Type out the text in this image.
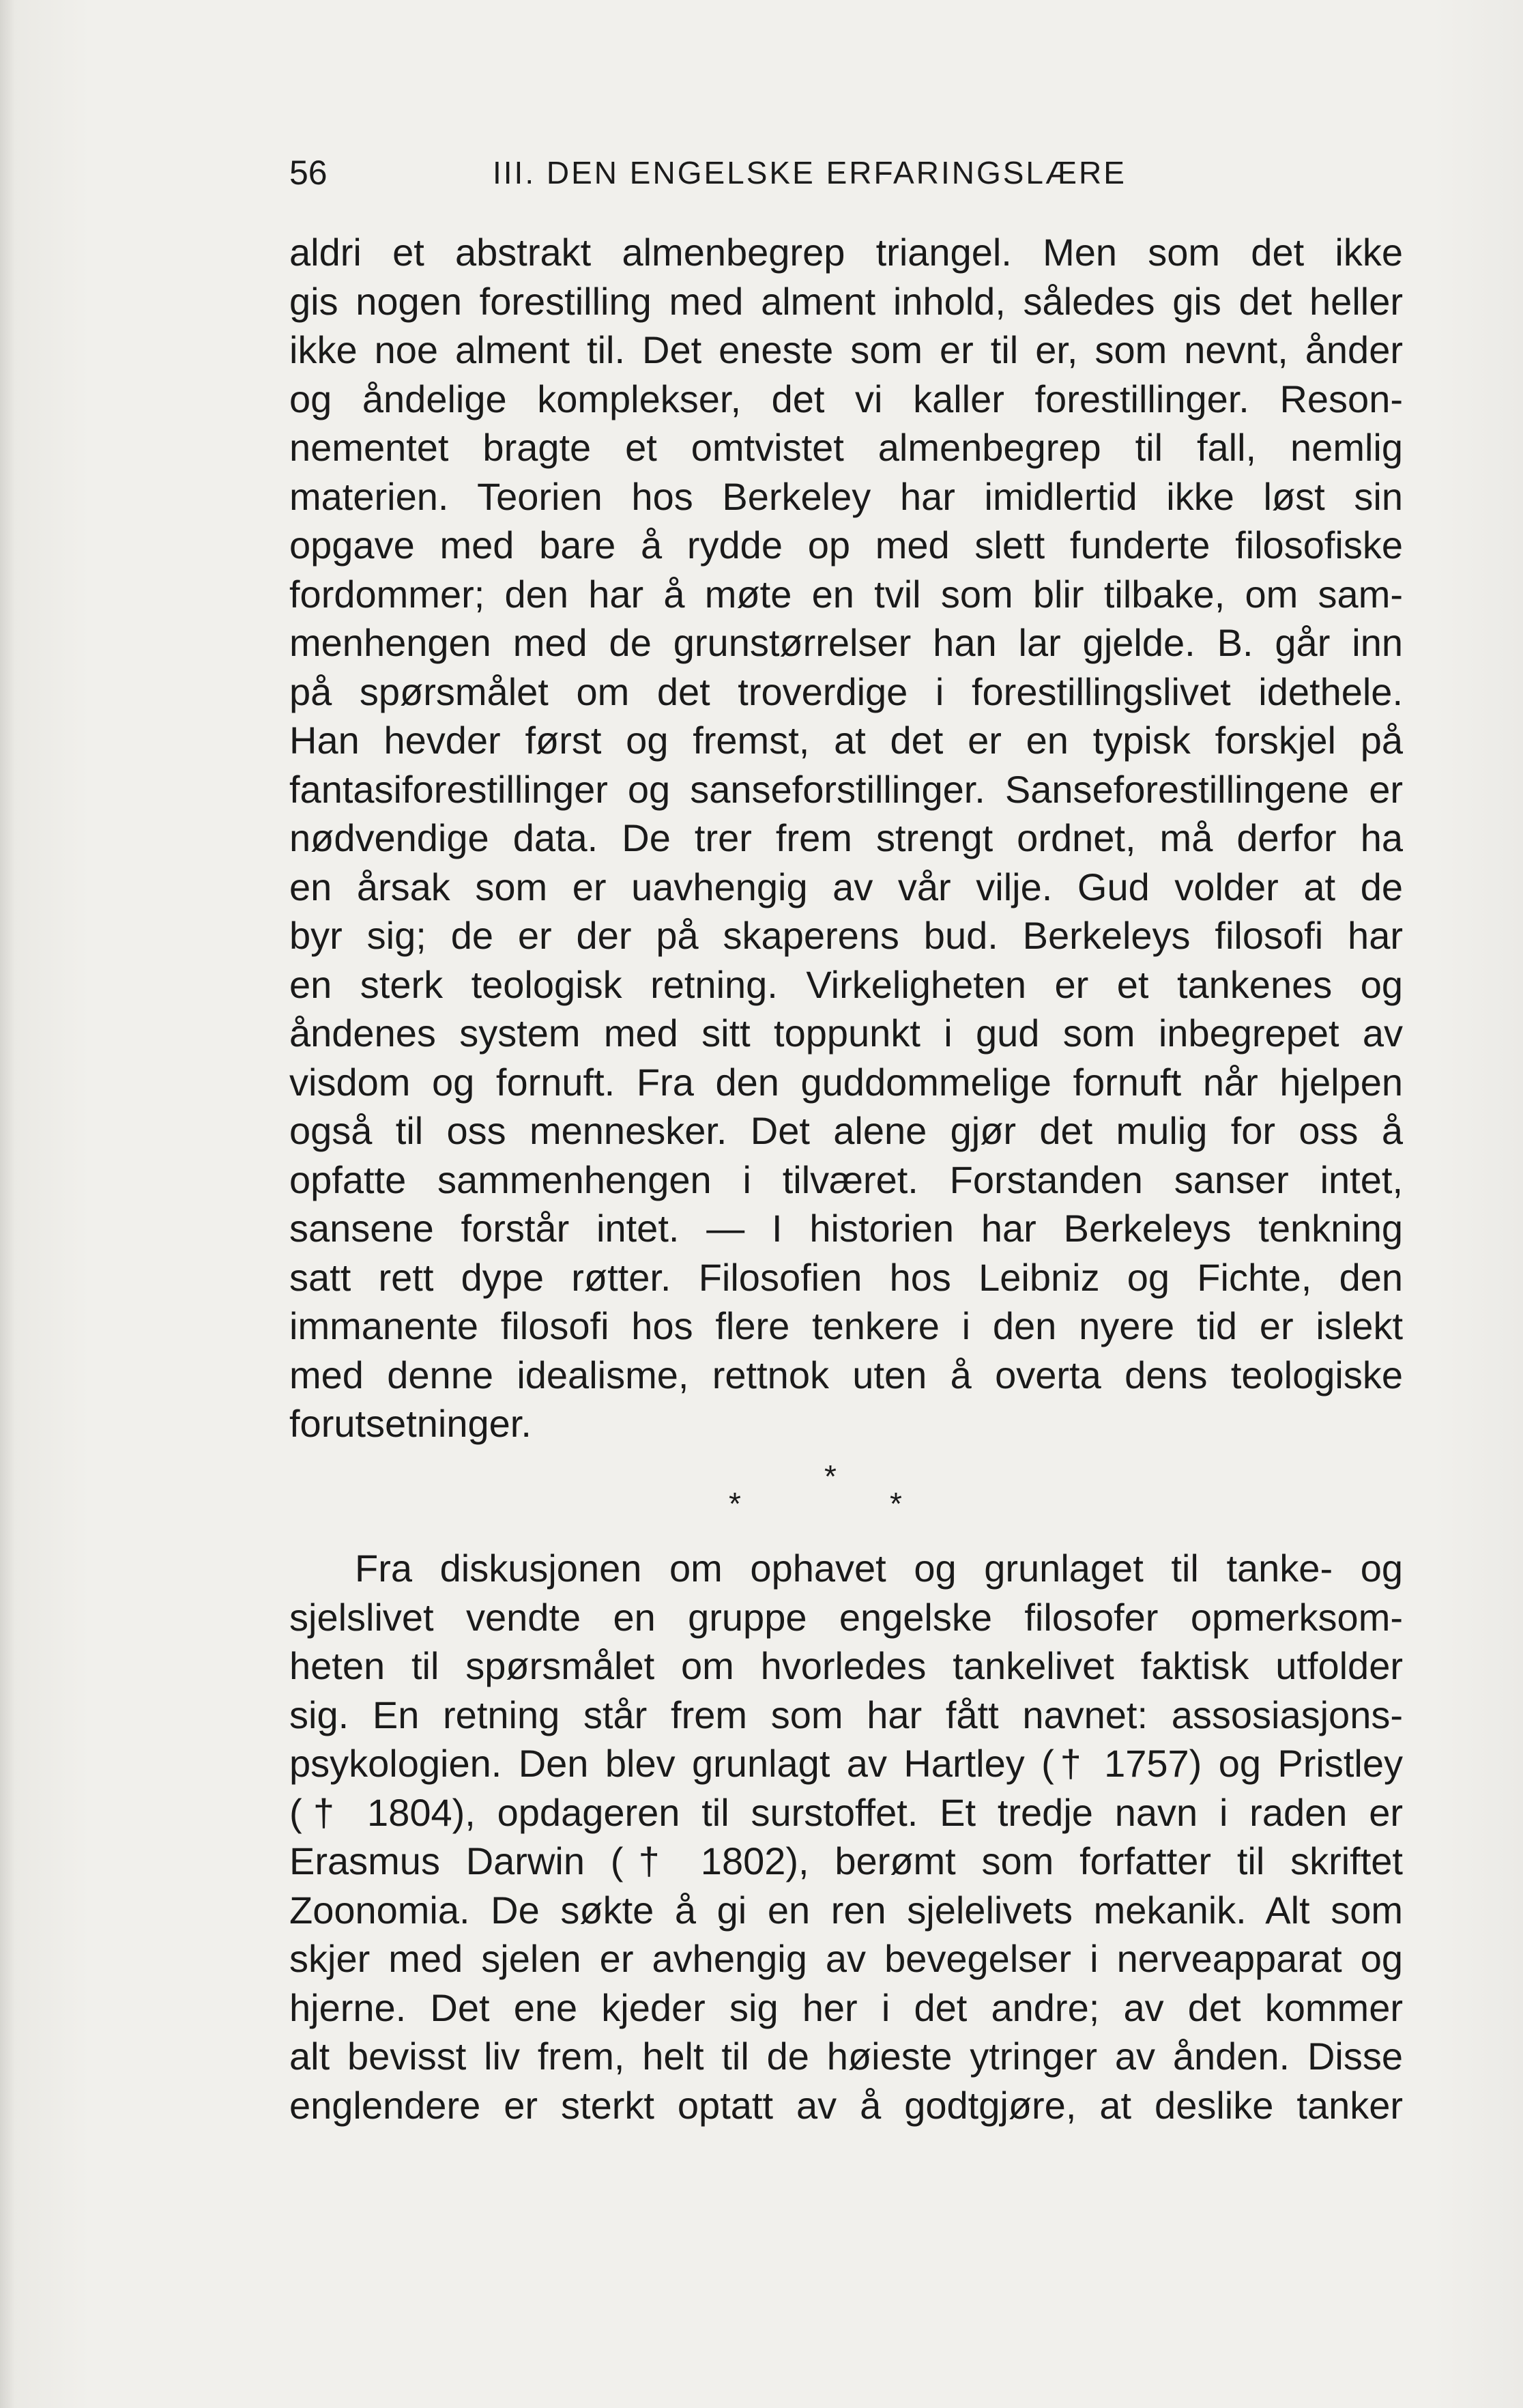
56	III. DEN ENGELSKE ERFARINGSLÆRE
aldri et abstrakt almenbegrep triangel. Men som det ikke
gis nogen forestilling med alment inhold, således gis det heller
ikke noe alment til. Det eneste som er til er, som nevnt, ånder
og åndelige komplekser, det vi kaller forestillinger. Reson-
nementet bragte et omtvistet almenbegrep til fall, nemlig
materien. Teorien hos Berkeley har imidlertid ikke løst sin
opgave med bare å rydde op med slett funderte filosofiske
fordommer; den har å møte en tvil som blir tilbake, om sam-
menhengen med de grunstørrelser han lar gjelde. B. går inn
på spørsmålet om det troverdige i forestillingslivet idethele.
Han hevder først og fremst, at det er en typisk forskjel på
fantasiforestillinger og sanseforstillinger. Sanseforestillingene er
nødvendige data. De trer frem strengt ordnet, må derfor ha
en årsak som er uavhengig av vår vilje. Gud volder at de
byr sig; de er der på skaperens bud. Berkeleys filosofi har
en sterk teologisk retning. Virkeligheten er et tankenes og
åndenes system med sitt toppunkt i gud som inbegrepet av
visdom og fornuft. Fra den guddommelige fornuft når hjelpen
også til oss mennesker. Det alene gjør det mulig for oss å
opfatte sammenhengen i tilværet. Forstanden sanser intet,
sansene forstår intet. — I historien har Berkeleys tenkning
satt rett dype røtter. Filosofien hos Leibniz og Fichte, den
immanente filosofi hos flere tenkere i den nyere tid er islekt
med denne idealisme, rettnok uten å overta dens teologiske
forutsetninger.
*
*	*
Fra diskusjonen om ophavet og grunlaget til tanke- og
sjelslivet vendte en gruppe engelske filosofer opmerksom-
heten til spørsmålet om hvorledes tankelivet faktisk utfolder
sig. En retning står frem som har fått navnet: assosiasjons-
psykologien. Den blev grunlagt av Hartley († 1757) og Pristley
(† 1804), opdageren til surstoffet. Et tredje navn i raden er
Erasmus Darwin († 1802), berømt som forfatter til skriftet
Zoonomia. De søkte å gi en ren sjelelivets mekanik. Alt som
skjer med sjelen er avhengig av bevegelser i nerveapparat og
hjerne. Det ene kjeder sig her i det andre; av det kommer
alt bevisst liv frem, helt til de høieste ytringer av ånden. Disse
englendere er sterkt optatt av å godtgjøre, at deslike tanker
